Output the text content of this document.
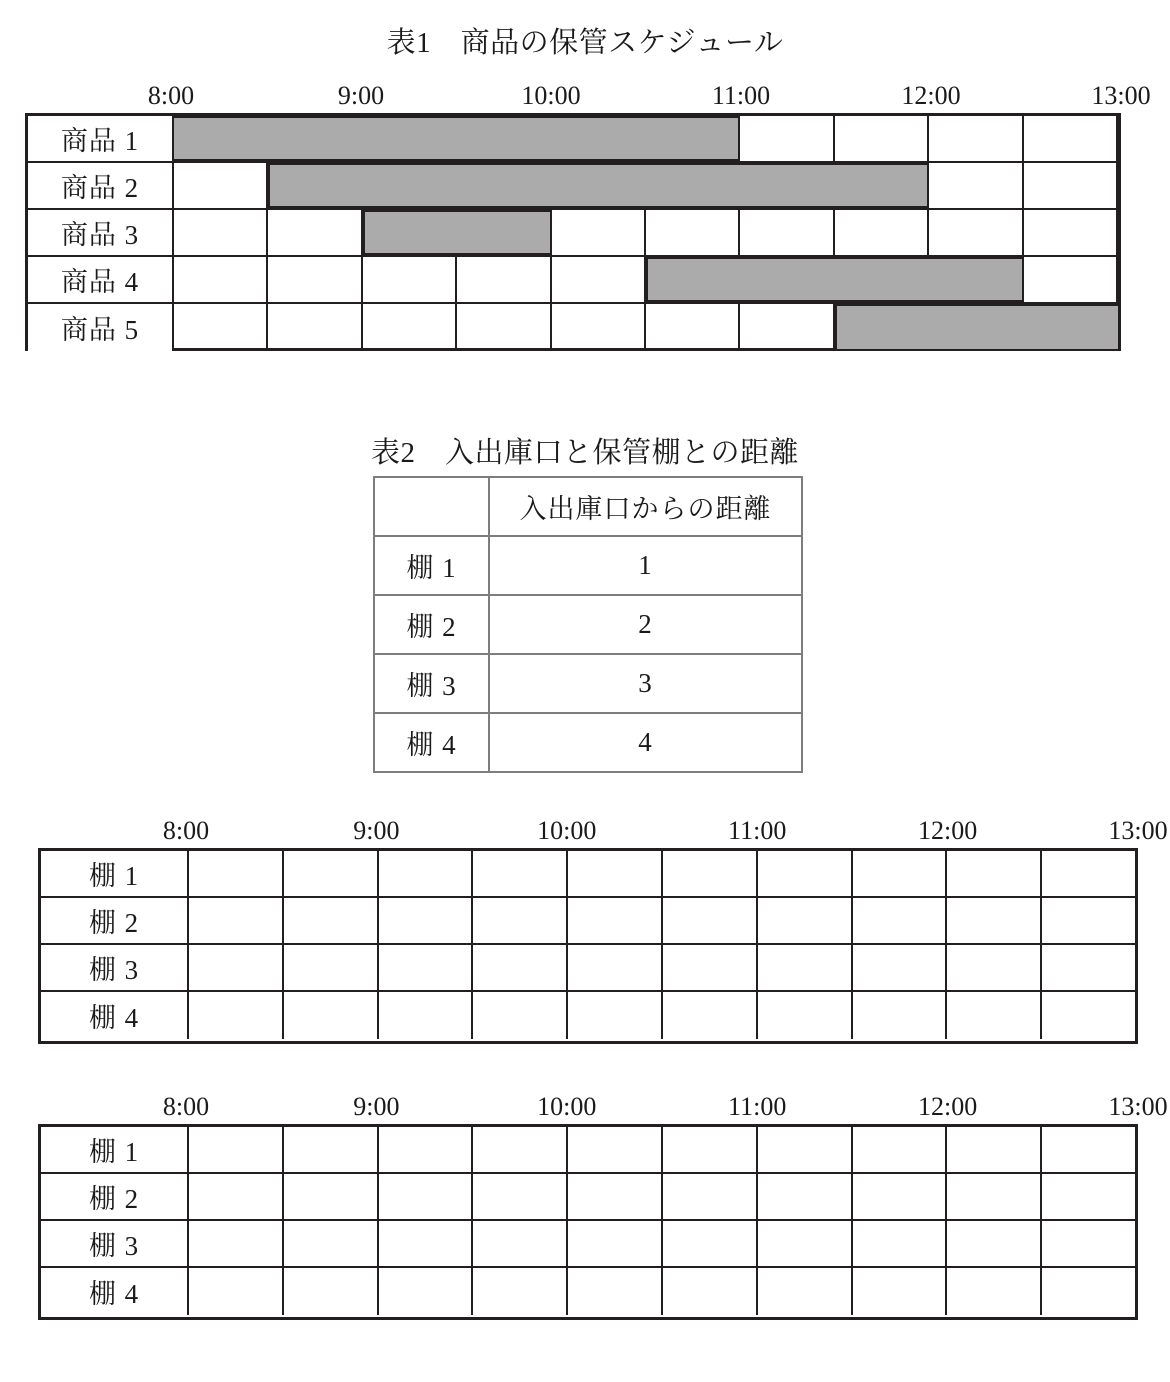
表1　商品の保管スケジュール
8:00	9:00	10:00	11:00	12:00	13:00
商品 1
商品 2
商品 3
商品 4
商品 5
表2　入出庫口と保管棚との距離
	入出庫口からの距離
棚 1	1
棚 2	2
棚 3	3
棚 4	4
8:00	9:00	10:00	11:00	12:00	13:00
棚 1
棚 2
棚 3
棚 4
8:00	9:00	10:00	11:00	12:00	13:00
棚 1
棚 2
棚 3
棚 4
